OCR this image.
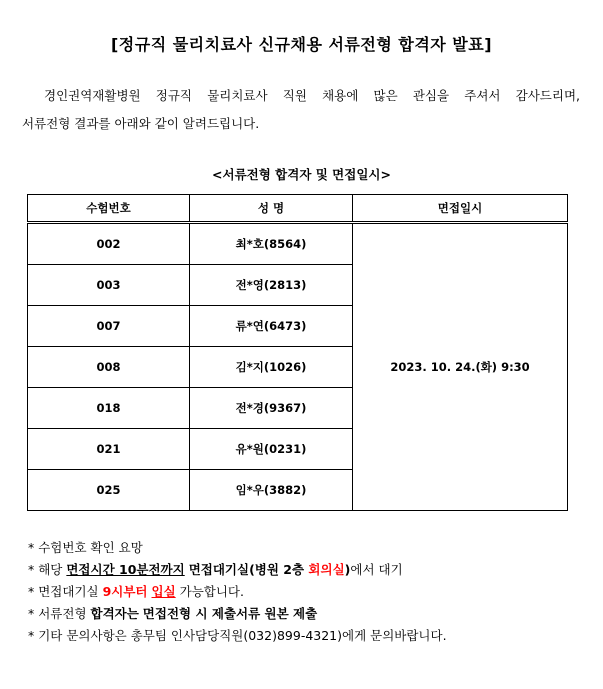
[정규직 물리치료사 신규채용 서류전형 합격자 발표]
경인권역재활병원 정규직 물리치료사 직원 채용에 많은 관심을 주셔서 감사드리며,
서류전형 결과를 아래와 같이 알려드립니다.
<서류전형 합격자 및 면접일시>
수험번호	성 명	면접일시
002	최*호(8564)	2023. 10. 24.(화) 9:30
003	전*영(2813)	
007	류*연(6473)	
008	김*지(1026)	
018	전*경(9367)	
021	유*원(0231)	
025	임*우(3882)	
* 수험번호 확인 요망
* 해당 면접시간 10분전까지 면접대기실(병원 2층 회의실)에서 대기
* 면접대기실 9시부터 입실 가능합니다.
* 서류전형 합격자는 면접전형 시 제출서류 원본 제출
* 기타 문의사항은 총무팀 인사담당직원(032)899-4321)에게 문의바랍니다.
